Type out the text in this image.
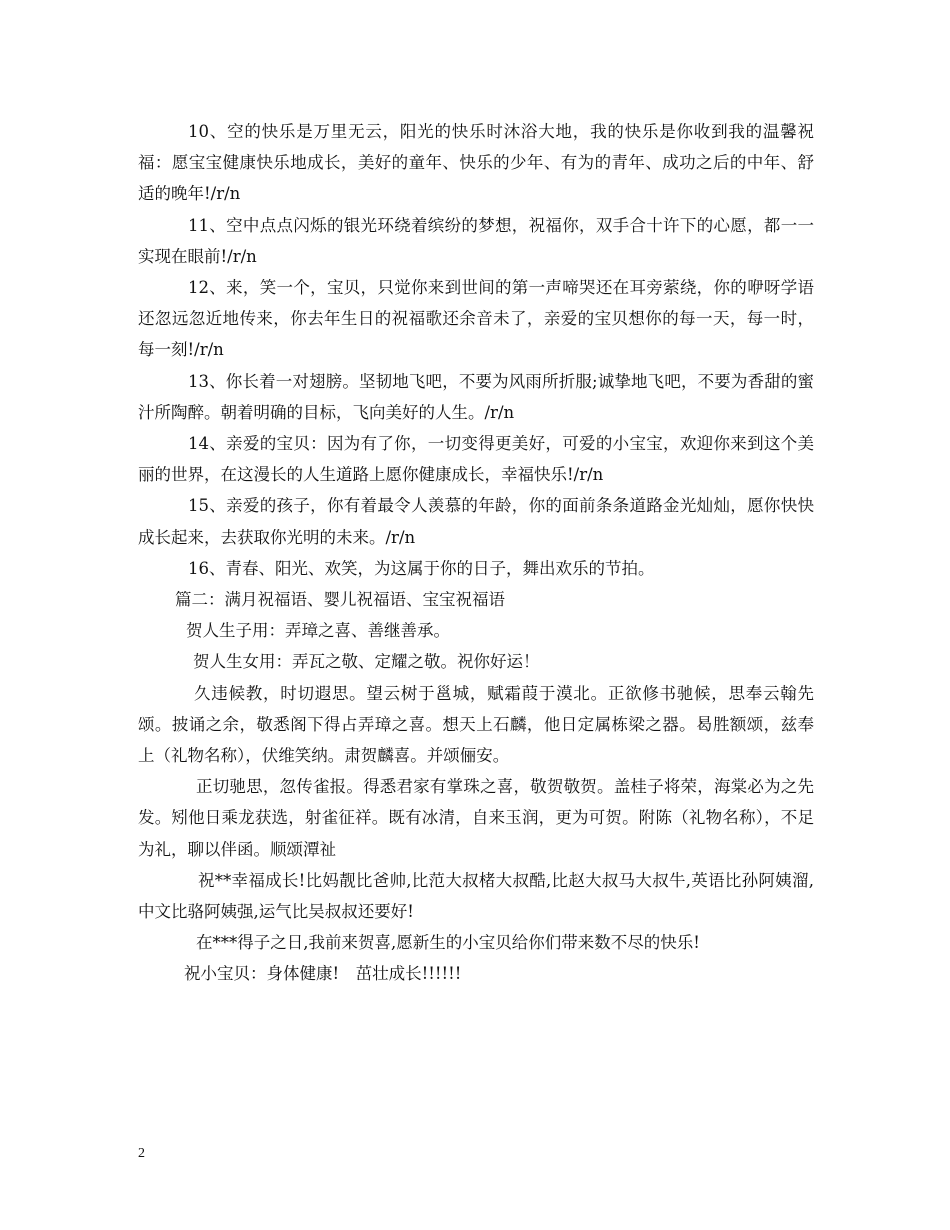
10、空的快乐是万里无云，阳光的快乐时沐浴大地，我的快乐是你收到我的温馨祝福：愿宝宝健康快乐地成长，美好的童年、快乐的少年、有为的青年、成功之后的中年、舒适的晚年!/r/n

11、空中点点闪烁的银光环绕着缤纷的梦想，祝福你，双手合十许下的心愿，都一一实现在眼前!/r/n

12、来，笑一个，宝贝，只觉你来到世间的第一声啼哭还在耳旁萦绕，你的咿呀学语还忽远忽近地传来，你去年生日的祝福歌还余音未了，亲爱的宝贝想你的每一天，每一时，每一刻!/r/n

13、你长着一对翅膀。坚韧地飞吧，不要为风雨所折服;诚挚地飞吧，不要为香甜的蜜汁所陶醉。朝着明确的目标，飞向美好的人生。/r/n

14、亲爱的宝贝：因为有了你，一切变得更美好，可爱的小宝宝，欢迎你来到这个美丽的世界，在这漫长的人生道路上愿你健康成长，幸福快乐!/r/n

15、亲爱的孩子，你有着最令人羡慕的年龄，你的面前条条道路金光灿灿，愿你快快成长起来，去获取你光明的未来。/r/n

16、青春、阳光、欢笑，为这属于你的日子，舞出欢乐的节拍。

篇二：满月祝福语、婴儿祝福语、宝宝祝福语

贺人生子用：弄璋之喜、善继善承。

贺人生女用：弄瓦之敬、定耀之敬。祝你好运！

久违候教，时切遐思。望云树于邕城，赋霜葭于漠北。正欲修书驰候，思奉云翰先颂。披诵之余，敬悉阁下得占弄璋之喜。想天上石麟，他日定属栋梁之器。曷胜额颂，兹奉上（礼物名称），伏维笑纳。肃贺麟喜。并颂俪安。

正切驰思，忽传雀报。得悉君家有掌珠之喜，敬贺敬贺。盖桂子将荣，海棠必为之先发。矧他日乘龙获选，射雀征祥。既有冰清，自来玉润，更为可贺。附陈（礼物名称），不足为礼，聊以伴函。顺颂潭祉

祝**幸福成长!比妈靓比爸帅,比范大叔楮大叔酷,比赵大叔马大叔牛,英语比孙阿姨溜,中文比骆阿姨强,运气比吴叔叔还要好!

在***得子之日,我前来贺喜,愿新生的小宝贝给你们带来数不尽的快乐!

祝小宝贝：身体健康!　茁壮成长!!!!!!

2
